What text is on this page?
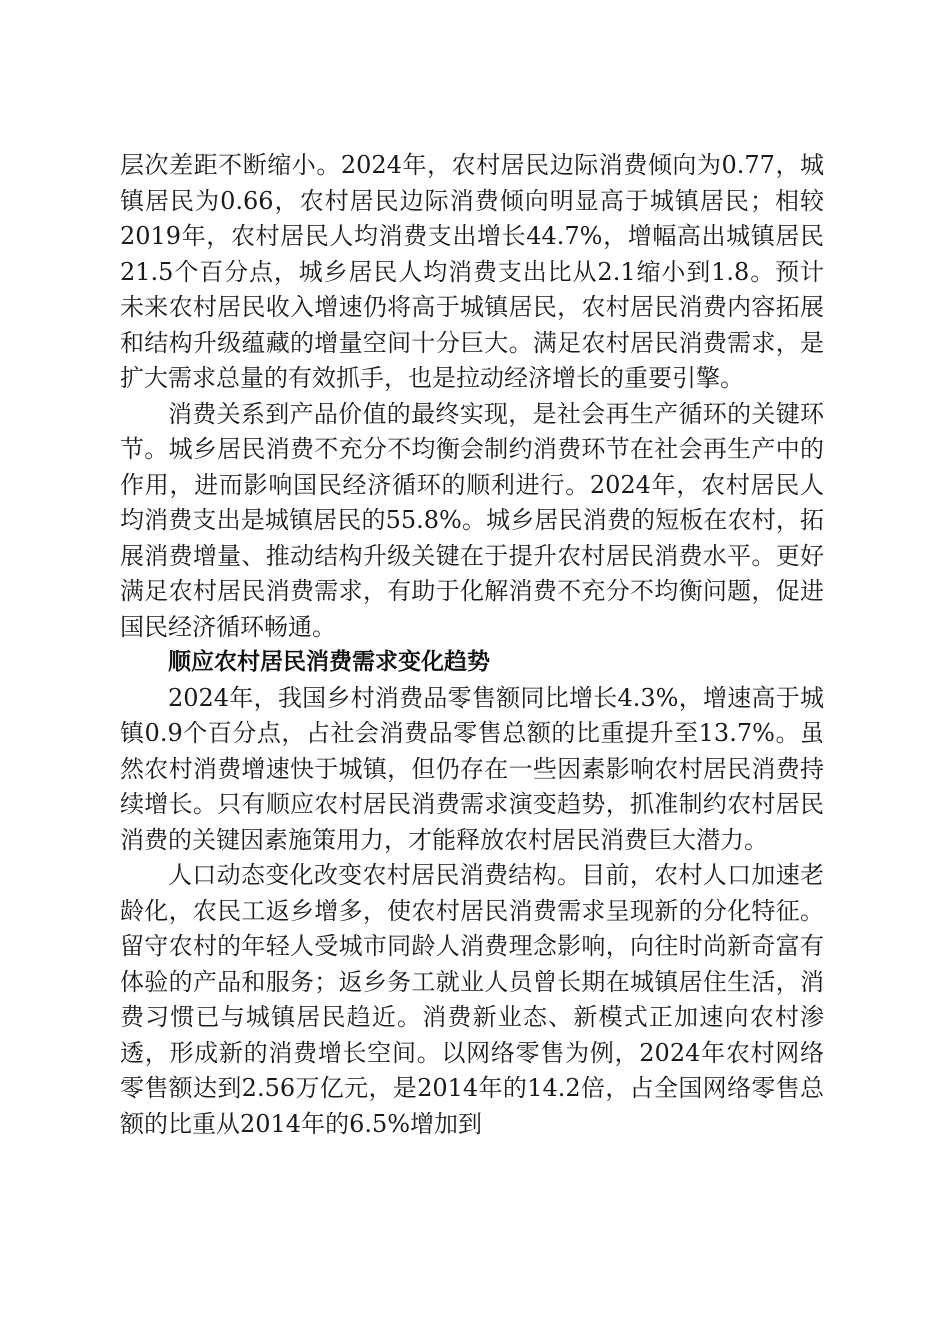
层次差距不断缩小。2024年，农村居民边际消费倾向为0.77，城镇居民为0.66，农村居民边际消费倾向明显高于城镇居民；相较2019年，农村居民人均消费支出增长44.7%，增幅高出城镇居民21.5个百分点，城乡居民人均消费支出比从2.1缩小到1.8。预计未来农村居民收入增速仍将高于城镇居民，农村居民消费内容拓展和结构升级蕴藏的增量空间十分巨大。满足农村居民消费需求，是扩大需求总量的有效抓手，也是拉动经济增长的重要引擎。

消费关系到产品价值的最终实现，是社会再生产循环的关键环节。城乡居民消费不充分不均衡会制约消费环节在社会再生产中的作用，进而影响国民经济循环的顺利进行。2024年，农村居民人均消费支出是城镇居民的55.8%。城乡居民消费的短板在农村，拓展消费增量、推动结构升级关键在于提升农村居民消费水平。更好满足农村居民消费需求，有助于化解消费不充分不均衡问题，促进国民经济循环畅通。

顺应农村居民消费需求变化趋势

2024年，我国乡村消费品零售额同比增长4.3%，增速高于城镇0.9个百分点，占社会消费品零售总额的比重提升至13.7%。虽然农村消费增速快于城镇，但仍存在一些因素影响农村居民消费持续增长。只有顺应农村居民消费需求演变趋势，抓准制约农村居民消费的关键因素施策用力，才能释放农村居民消费巨大潜力。

人口动态变化改变农村居民消费结构。目前，农村人口加速老龄化，农民工返乡增多，使农村居民消费需求呈现新的分化特征。留守农村的年轻人受城市同龄人消费理念影响，向往时尚新奇富有体验的产品和服务；返乡务工就业人员曾长期在城镇居住生活，消费习惯已与城镇居民趋近。消费新业态、新模式正加速向农村渗透，形成新的消费增长空间。以网络零售为例，2024年农村网络零售额达到2.56万亿元，是2014年的14.2倍，占全国网络零售总额的比重从2014年的6.5%增加到
